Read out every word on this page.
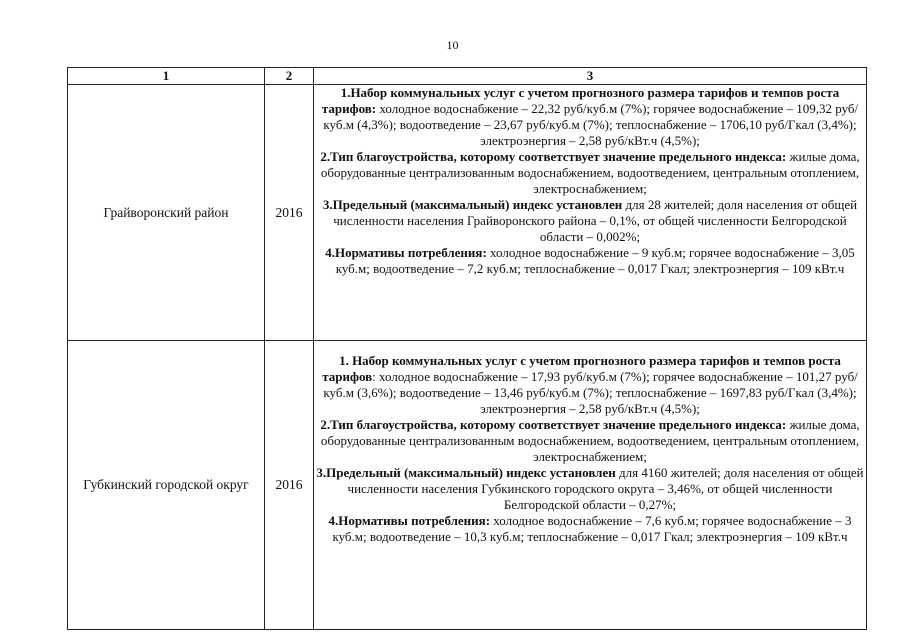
10
1	2	3
Грайворонский район	2016	1.Набор коммунальных услуг с учетом прогнозного размера тарифов и темпов роста тарифов: холодное водоснабжение – 22,32 руб/куб.м (7%); горячее водоснабжение – 109,32 руб/куб.м (4,3%); водоотведение – 23,67 руб/куб.м (7%); теплоснабжение – 1706,10 руб/Гкал (3,4%); электроэнергия – 2,58 руб/кВт.ч (4,5%);
2.Тип благоустройства, которому соответствует значение предельного индекса: жилые дома, оборудованные централизованным водоснабжением, водоотведением, центральным отоплением, электроснабжением;
3.Предельный (максимальный) индекс установлен для 28 жителей; доля населения от общей численности населения Грайворонского района – 0,1%, от общей численности Белгородской области – 0,002%;
4.Нормативы потребления: холодное водоснабжение – 9 куб.м; горячее водоснабжение – 3,05 куб.м; водоотведение – 7,2 куб.м; теплоснабжение – 0,017 Гкал; электроэнергия – 109 кВт.ч

Губкинский городской округ	2016	1. Набор коммунальных услуг с учетом прогнозного размера тарифов и темпов роста тарифов: холодное водоснабжение – 17,93 руб/куб.м (7%); горячее водоснабжение – 101,27 руб/куб.м (3,6%); водоотведение – 13,46 руб/куб.м (7%); теплоснабжение – 1697,83 руб/Гкал (3,4%); электроэнергия – 2,58 руб/кВт.ч (4,5%);
2.Тип благоустройства, которому соответствует значение предельного индекса: жилые дома, оборудованные централизованным водоснабжением, водоотведением, центральным отоплением, электроснабжением;
3.Предельный (максимальный) индекс установлен для 4160 жителей; доля населения от общей численности населения Губкинского городского округа – 3,46%, от общей численности Белгородской области – 0,27%;
4.Нормативы потребления: холодное водоснабжение – 7,6 куб.м; горячее водоснабжение – 3 куб.м; водоотведение – 10,3 куб.м; теплоснабжение – 0,017 Гкал; электроэнергия – 109 кВт.ч
